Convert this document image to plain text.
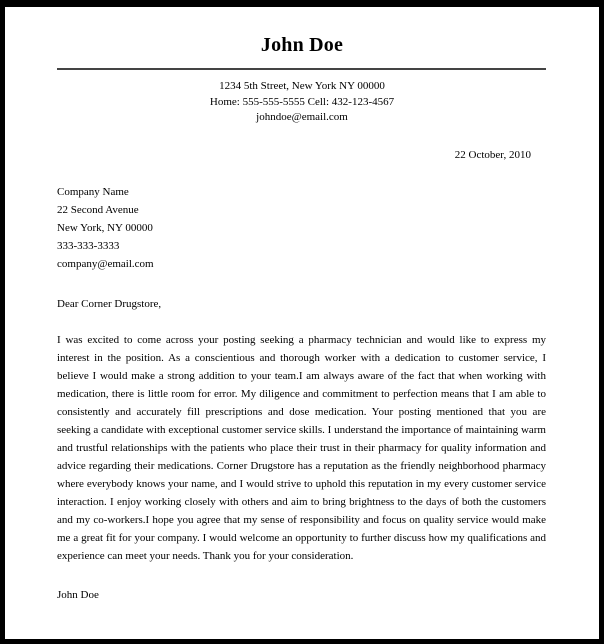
John Doe
1234 5th Street, New York NY 00000
Home: 555-555-5555 Cell: 432-123-4567
johndoe@email.com
22 October, 2010
Company Name
22 Second Avenue
New York, NY 00000
333-333-3333
company@email.com
Dear Corner Drugstore,
I was excited to come across your posting seeking a pharmacy technician and would like to express my interest in the position. As a conscientious and thorough worker with a dedication to customer service, I believe I would make a strong addition to your team.I am always aware of the fact that when working with medication, there is little room for error. My diligence and commitment to perfection means that I am able to consistently and accurately fill prescriptions and dose medication. Your posting mentioned that you are seeking a candidate with exceptional customer service skills. I understand the importance of maintaining warm and trustful relationships with the patients who place their trust in their pharmacy for quality information and advice regarding their medications. Corner Drugstore has a reputation as the friendly neighborhood pharmacy where everybody knows your name, and I would strive to uphold this reputation in my every customer service interaction. I enjoy working closely with others and aim to bring brightness to the days of both the customers and my co-workers.I hope you agree that my sense of responsibility and focus on quality service would make me a great fit for your company. I would welcome an opportunity to further discuss how my qualifications and experience can meet your needs. Thank you for your consideration.
John Doe
